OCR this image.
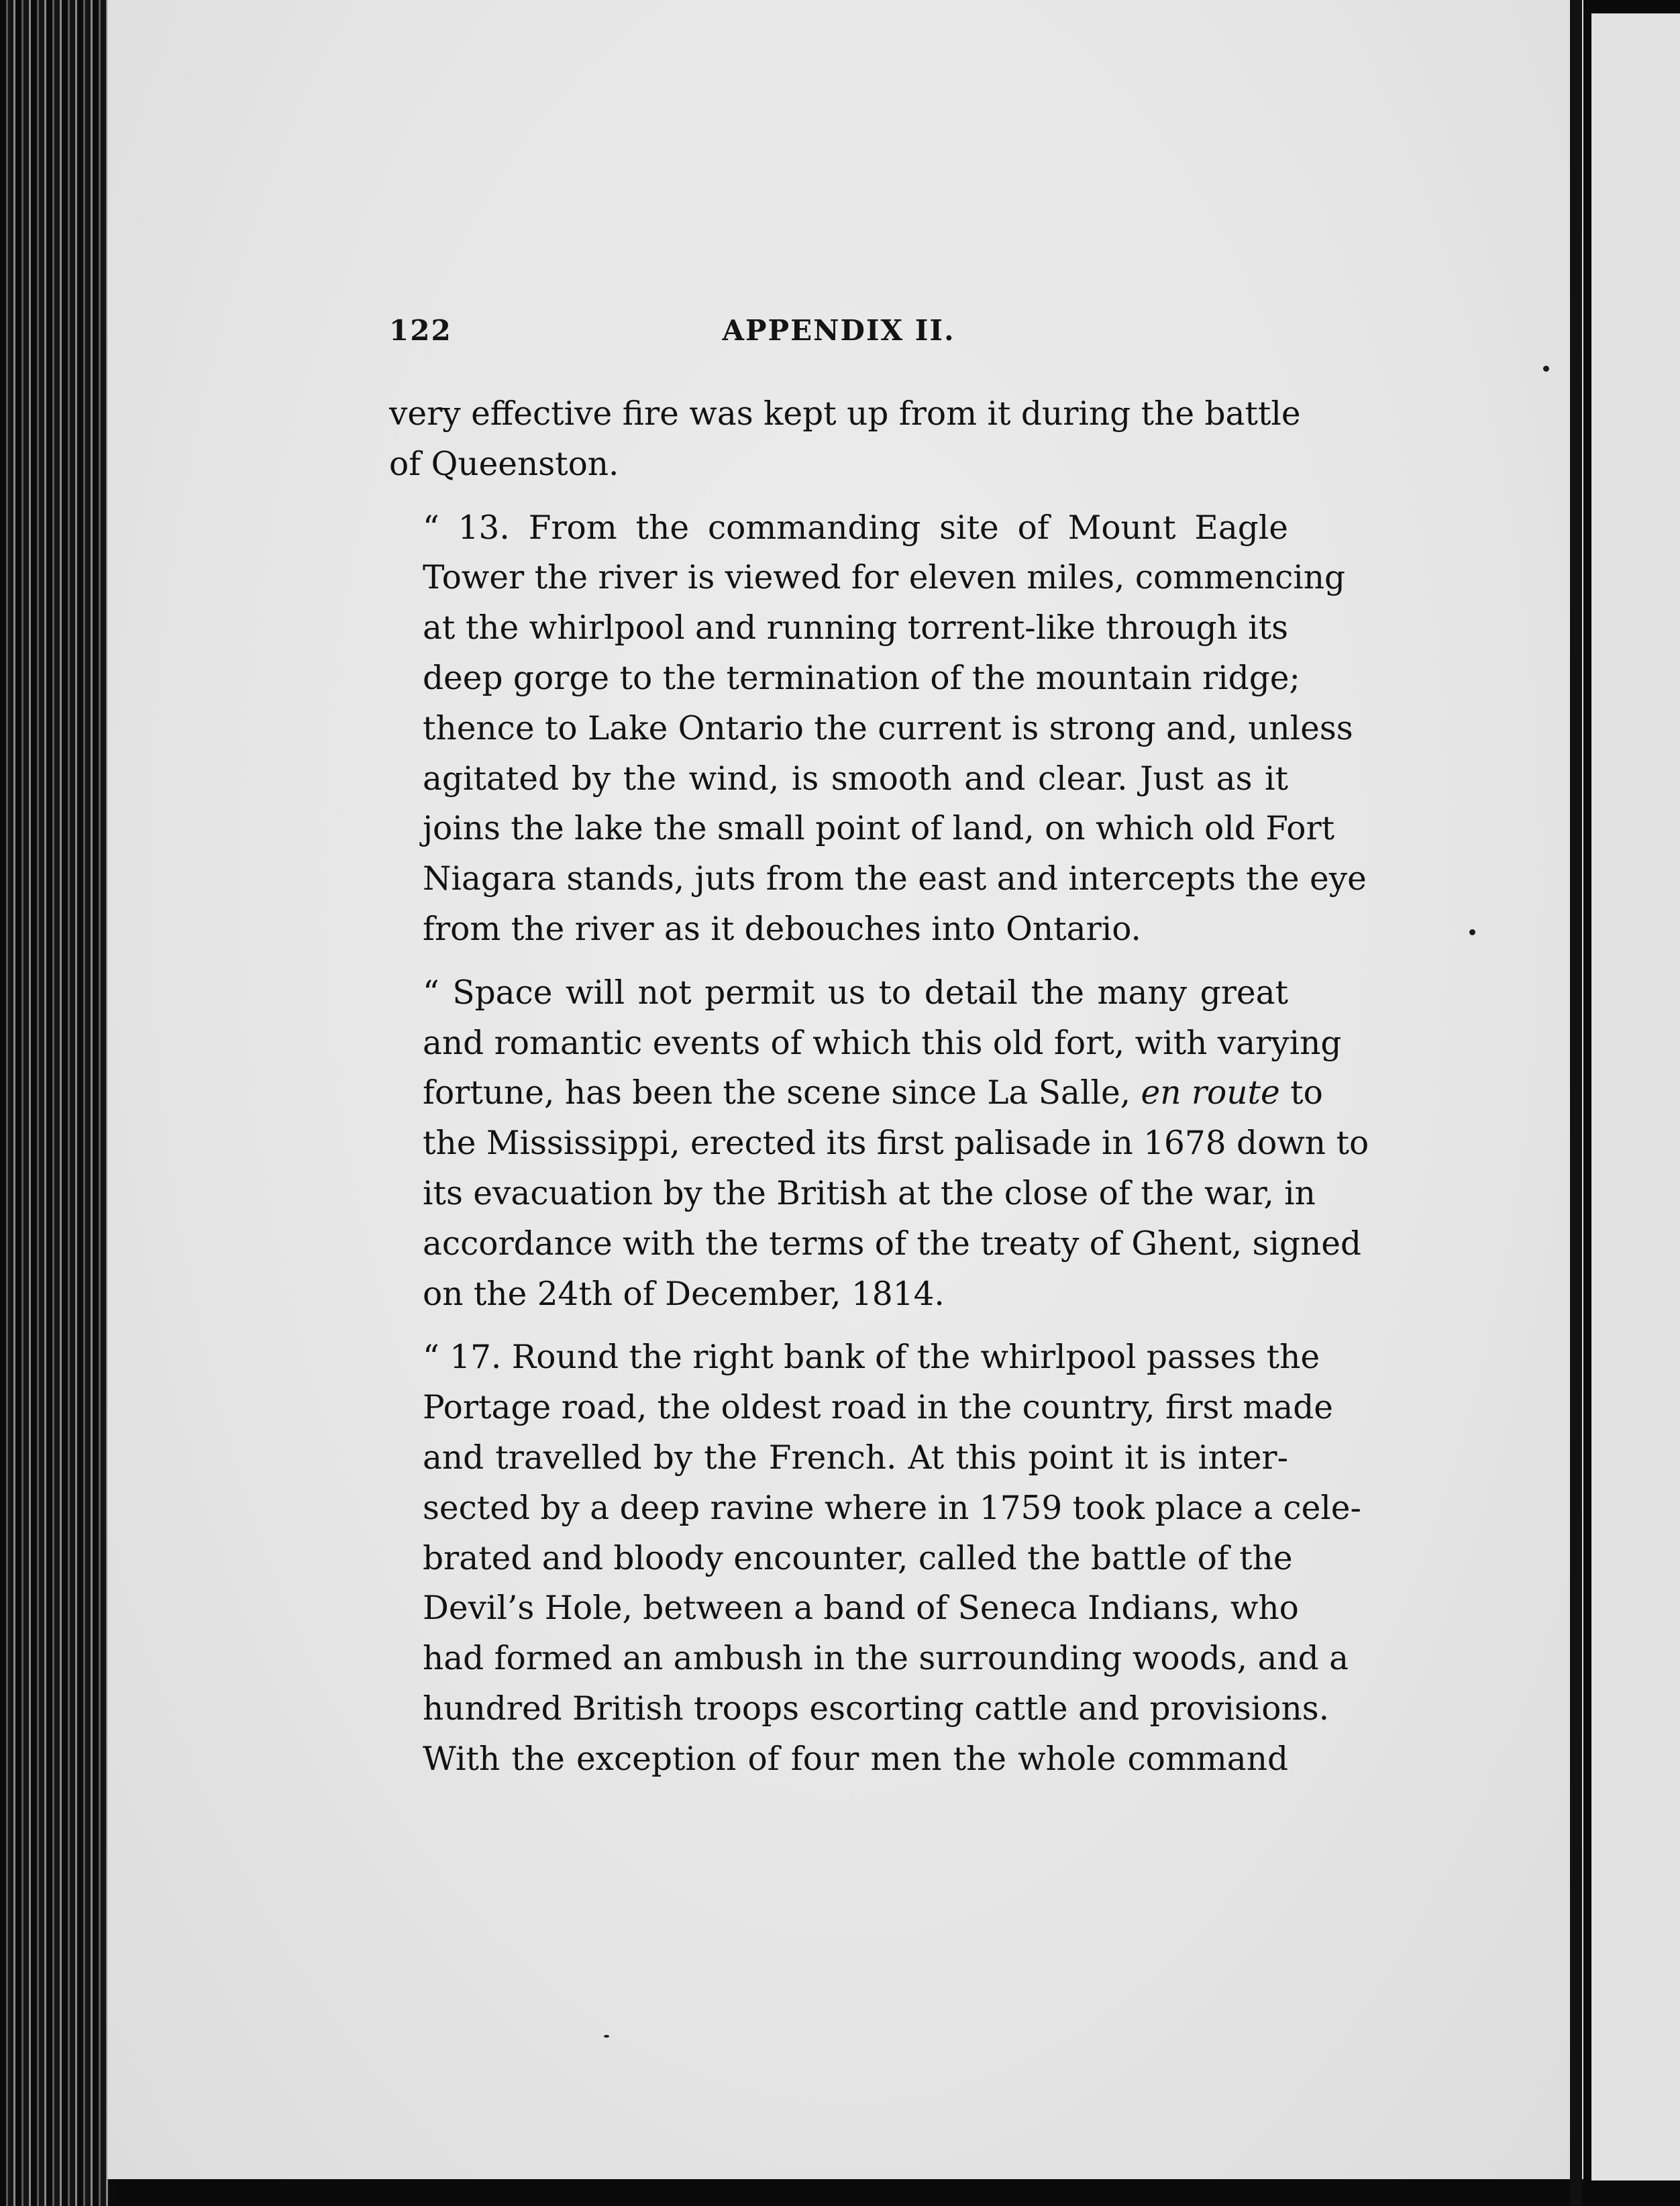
122	APPENDIX II.

very effective fire was kept up from it during the battle
of Queenston.

“ 13. From the commanding site of Mount Eagle
Tower the river is viewed for eleven miles, commencing
at the whirlpool and running torrent-like through its
deep gorge to the termination of the mountain ridge;
thence to Lake Ontario the current is strong and, unless
agitated by the wind, is smooth and clear. Just as it
joins the lake the small point of land, on which old Fort
Niagara stands, juts from the east and intercepts the eye
from the river as it debouches into Ontario.

“ Space will not permit us to detail the many great
and romantic events of which this old fort, with varying
fortune, has been the scene since La Salle, en route to
the Mississippi, erected its first palisade in 1678 down to
its evacuation by the British at the close of the war, in
accordance with the terms of the treaty of Ghent, signed
on the 24th of December, 1814.

“ 17. Round the right bank of the whirlpool passes the
Portage road, the oldest road in the country, first made
and travelled by the French. At this point it is inter-
sected by a deep ravine where in 1759 took place a cele-
brated and bloody encounter, called the battle of the
Devil’s Hole, between a band of Seneca Indians, who
had formed an ambush in the surrounding woods, and a
hundred British troops escorting cattle and provisions.
With the exception of four men the whole command
